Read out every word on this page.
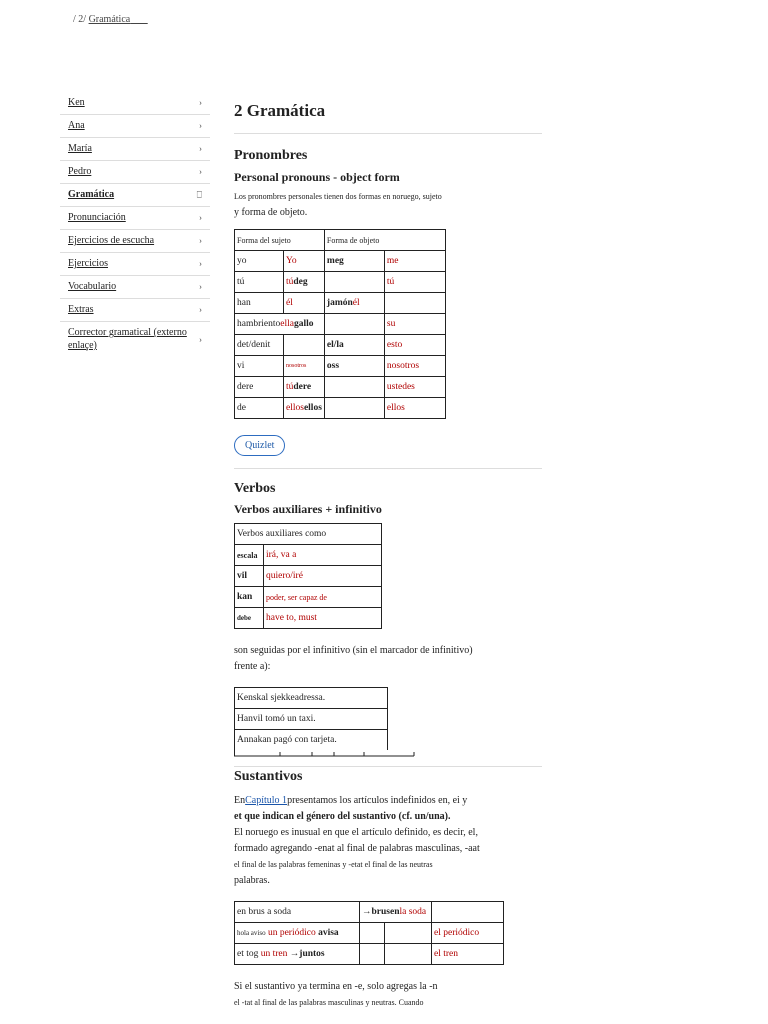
/ 2/ Gramática
Ken	›
Ana	›
María	›
Pedro	›
Gramática	⎕
Pronunciación	›
Ejercicios de escucha	›
Ejercicios	›
Vocabulario	›
Extras	›
Corrector gramatical (externo enlaçe)
›
2 Gramática
Pronombres
Personal pronouns - object form

Los pronombres personales tienen dos formas en noruego, sujeto
y forma de objeto.

Forma del sujeto		Forma de objeto	
yo	Yo	meg	me
tú	túdeg		tú
han	él	jamónél	
hambrientoellagallo			su
det/denit		el/la	esto
vi	nosotros	oss	nosotros
dere	túdere		ustedes
de	ellosellos		ellos
Quizlet
Verbos
Verbos auxiliares + infinitivo
Verbos auxiliares como	
escala	irá, va a
vil	quiero/iré
kan	poder, ser capaz de
debe	have to, must

son seguidas por el infinitivo (sin el marcador de infinitivo)
frente a):

Kenskal sjekkeadressa.
Hanvil tomó un taxi.
Annakan pagó con tarjeta.
Sustantivos

EnCapítulo 1presentamos los artículos indefinidos en, ei y
et que indican el género del sustantivo (cf. un/una).
El noruego es inusual en que el artículo definido, es decir, el,
formado agregando -enat al final de palabras masculinas, -aat
el final de las palabras femeninas y -etat el final de las neutras
palabras.

en brus a soda	→brusenla soda		
hola aviso un periódico avisa			el periódico
et tog un tren →juntos			el tren

Si el sustantivo ya termina en -e, solo agregas la -n
el -tat al final de las palabras masculinas y neutras. Cuando
